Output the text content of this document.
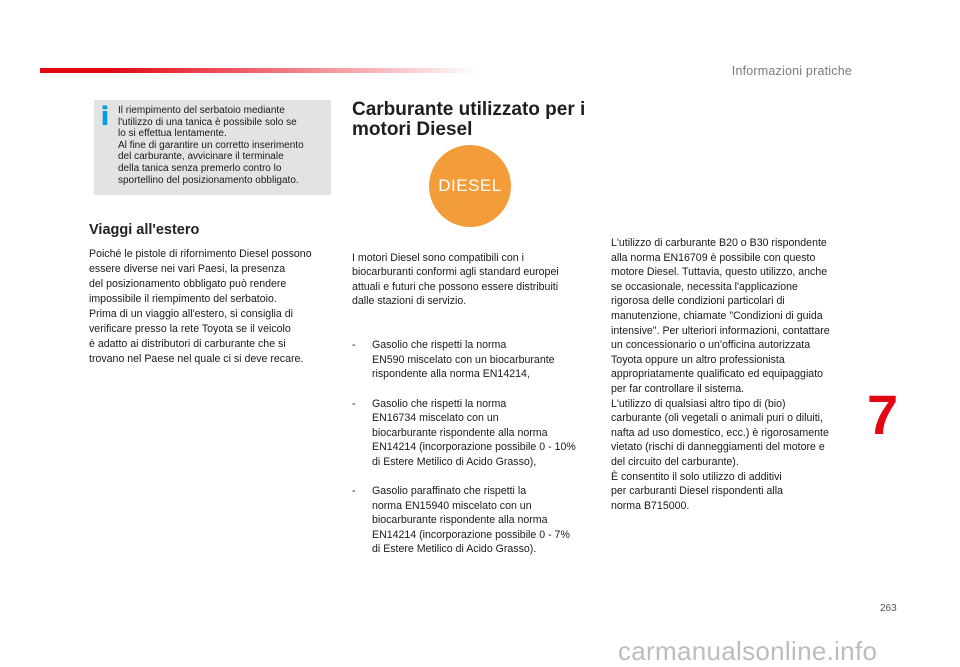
Informazioni pratiche
i Il riempimento del serbatoio mediante
l'utilizzo di una tanica è possibile solo se
lo si effettua lentamente.
Al fine di garantire un corretto inserimento
del carburante, avvicinare il terminale
della tanica senza premerlo contro lo
sportellino del posizionamento obbligato.
Viaggi all'estero
Poiché le pistole di rifornimento Diesel possono
essere diverse nei vari Paesi, la presenza
del posizionamento obbligato può rendere
impossibile il riempimento del serbatoio.
Prima di un viaggio all'estero, si consiglia di
verificare presso la rete Toyota se il veicolo
è adatto ai distributori di carburante che si
trovano nel Paese nel quale ci si deve recare.
Carburante utilizzato per i
motori Diesel
DIESEL

I motori Diesel sono compatibili con i
biocarburanti conformi agli standard europei
attuali e futuri che possono essere distribuiti
dalle stazioni di servizio.

- Gasolio che rispetti la norma
EN590 miscelato con un biocarburante
rispondente alla norma EN14214,

- Gasolio che rispetti la norma
EN16734 miscelato con un
biocarburante rispondente alla norma
EN14214 (incorporazione possibile 0 - 10%
di Estere Metilico di Acido Grasso),

- Gasolio paraffinato che rispetti la
norma EN15940 miscelato con un
biocarburante rispondente alla norma
EN14214 (incorporazione possibile 0 - 7%
di Estere Metilico di Acido Grasso).

L'utilizzo di carburante B20 o B30 rispondente
alla norma EN16709 è possibile con questo
motore Diesel. Tuttavia, questo utilizzo, anche
se occasionale, necessita l'applicazione
rigorosa delle condizioni particolari di
manutenzione, chiamate "Condizioni di guida
intensive". Per ulteriori informazioni, contattare
un concessionario o un'officina autorizzata
Toyota oppure un altro professionista
appropriatamente qualificato ed equipaggiato
per far controllare il sistema.
L'utilizzo di qualsiasi altro tipo di (bio)
carburante (oli vegetali o animali puri o diluiti,
nafta ad uso domestico, ecc.) è rigorosamente
vietato (rischi di danneggiamenti del motore e
del circuito del carburante).
È consentito il solo utilizzo di additivi
per carburanti Diesel rispondenti alla
norma B715000.
7
263
carmanualsonline.info
